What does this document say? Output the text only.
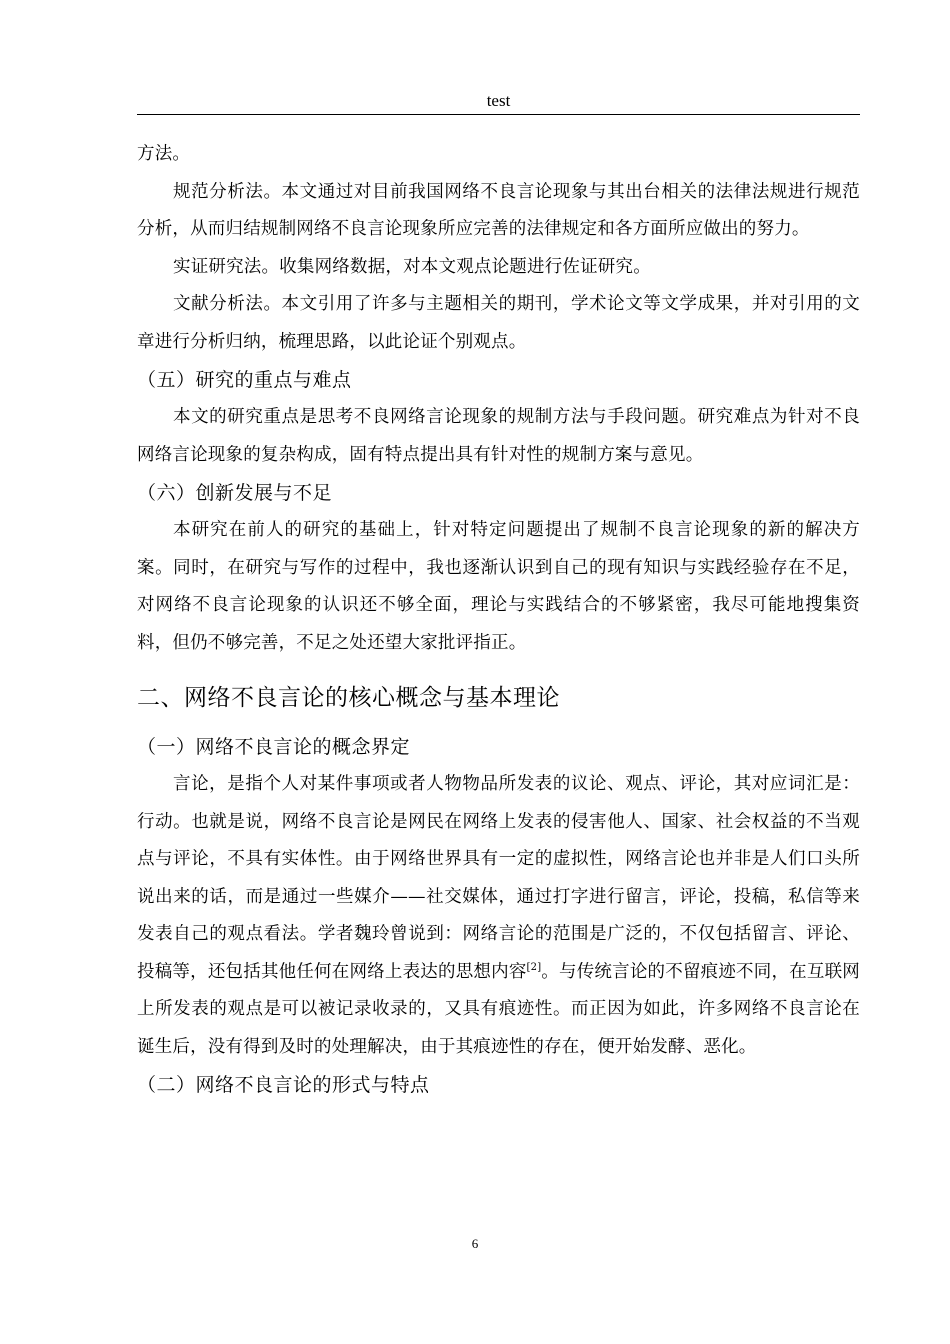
test

方法。

规范分析法。本文通过对目前我国网络不良言论现象与其出台相关的法律法规进行规范分析，从而归结规制网络不良言论现象所应完善的法律规定和各方面所应做出的努力。

实证研究法。收集网络数据，对本文观点论题进行佐证研究。

文献分析法。本文引用了许多与主题相关的期刊，学术论文等文学成果，并对引用的文章进行分析归纳，梳理思路，以此论证个别观点。

（五）研究的重点与难点

本文的研究重点是思考不良网络言论现象的规制方法与手段问题。研究难点为针对不良网络言论现象的复杂构成，固有特点提出具有针对性的规制方案与意见。

（六）创新发展与不足

本研究在前人的研究的基础上，针对特定问题提出了规制不良言论现象的新的解决方案。同时，在研究与写作的过程中，我也逐渐认识到自己的现有知识与实践经验存在不足，对网络不良言论现象的认识还不够全面，理论与实践结合的不够紧密，我尽可能地搜集资料，但仍不够完善，不足之处还望大家批评指正。

二、网络不良言论的核心概念与基本理论

（一）网络不良言论的概念界定

言论，是指个人对某件事项或者人物物品所发表的议论、观点、评论，其对应词汇是：行动。也就是说，网络不良言论是网民在网络上发表的侵害他人、国家、社会权益的不当观点与评论，不具有实体性。由于网络世界具有一定的虚拟性，网络言论也并非是人们口头所说出来的话，而是通过一些媒介——社交媒体，通过打字进行留言，评论，投稿，私信等来发表自己的观点看法。学者魏玲曾说到：网络言论的范围是广泛的，不仅包括留言、评论、投稿等，还包括其他任何在网络上表达的思想内容[2]。与传统言论的不留痕迹不同，在互联网上所发表的观点是可以被记录收录的，又具有痕迹性。而正因为如此，许多网络不良言论在诞生后，没有得到及时的处理解决，由于其痕迹性的存在，便开始发酵、恶化。

（二）网络不良言论的形式与特点

6
